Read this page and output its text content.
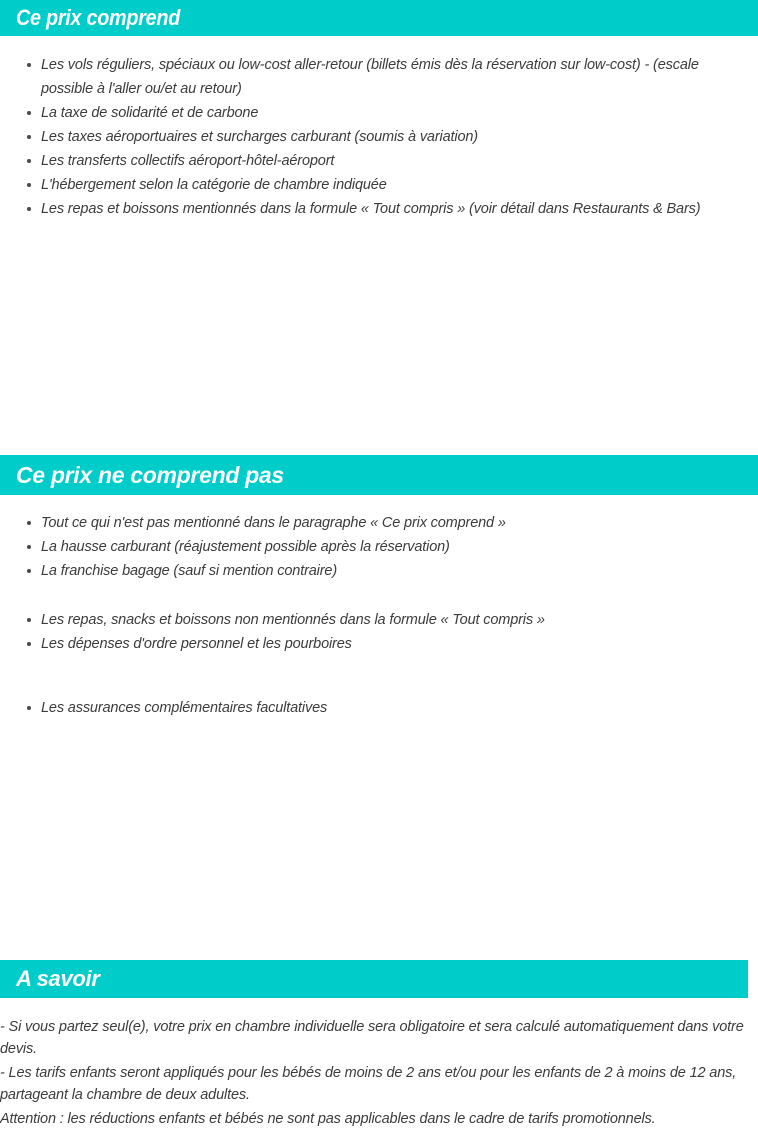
Ce prix comprend
Les vols réguliers, spéciaux ou low-cost aller-retour (billets émis dès la réservation sur low-cost) - (escale possible à l'aller ou/et au retour)
La taxe de solidarité et de carbone
Les taxes aéroportuaires et surcharges carburant (soumis à variation)
Les transferts collectifs aéroport-hôtel-aéroport
L'hébergement selon la catégorie de chambre indiquée
Les repas et boissons mentionnés dans la formule « Tout compris » (voir détail dans Restaurants & Bars)
Ce prix ne comprend pas
Tout ce qui n'est pas mentionné dans le paragraphe « Ce prix comprend »
La hausse carburant (réajustement possible après la réservation)
La franchise bagage (sauf si mention contraire)
Les repas, snacks et boissons non mentionnés dans la formule « Tout compris »
Les dépenses d'ordre personnel et les pourboires
Les assurances complémentaires facultatives
A savoir

- Si vous partez seul(e), votre prix en chambre individuelle sera obligatoire et sera calculé automatiquement dans votre devis.

- Les tarifs enfants seront appliqués pour les bébés de moins de 2 ans et/ou pour les enfants de 2 à moins de 12 ans, partageant la chambre de deux adultes.

Attention : les réductions enfants et bébés ne sont pas applicables dans le cadre de tarifs promotionnels.
